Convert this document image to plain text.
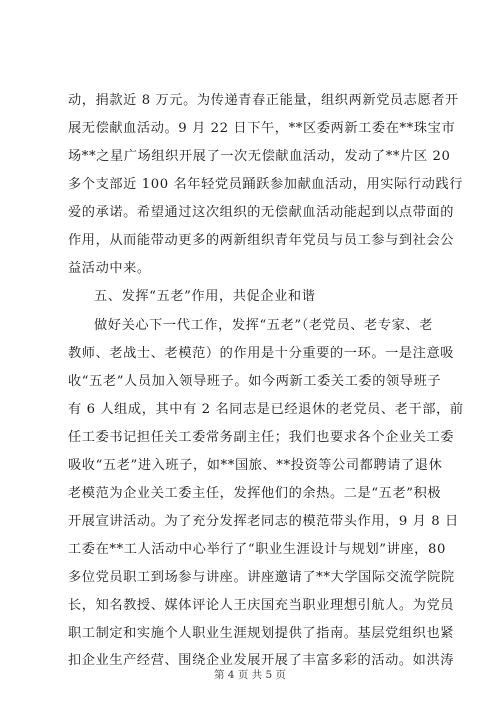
动，捐款近 8 万元。为传递青春正能量，组织两新党员志愿者开
展无偿献血活动。9 月 22 日下午，**区委两新工委在**珠宝市
场**之星广场组织开展了一次无偿献血活动，发动了**片区 20
多个支部近 100 名年轻党员踊跃参加献血活动，用实际行动践行
爱的承诺。希望通过这次组织的无偿献血活动能起到以点带面的
作用，从而能带动更多的两新组织青年党员与员工参与到社会公
益活动中来。
五、发挥“五老”作用，共促企业和谐
做好关心下一代工作，发挥“五老”（老党员、老专家、老
教师、老战士、老模范）的作用是十分重要的一环。一是注意吸
收“五老”人员加入领导班子。如今两新工委关工委的领导班子
有 6 人组成，其中有 2 名同志是已经退休的老党员、老干部，前
任工委书记担任关工委常务副主任；我们也要求各个企业关工委
吸收“五老”进入班子，如**国旅、**投资等公司都聘请了退休
老模范为企业关工委主任，发挥他们的余热。二是“五老”积极
开展宣讲活动。为了充分发挥老同志的模范带头作用，9 月 8 日
工委在**工人活动中心举行了“职业生涯设计与规划”讲座，80
多位党员职工到场参与讲座。讲座邀请了**大学国际交流学院院
长，知名教授、媒体评论人王庆国充当职业理想引航人。为党员
职工制定和实施个人职业生涯规划提供了指南。基层党组织也紧
扣企业生产经营、围绕企业发展开展了丰富多彩的活动。如洪涛
第 4 页 共 5 页
